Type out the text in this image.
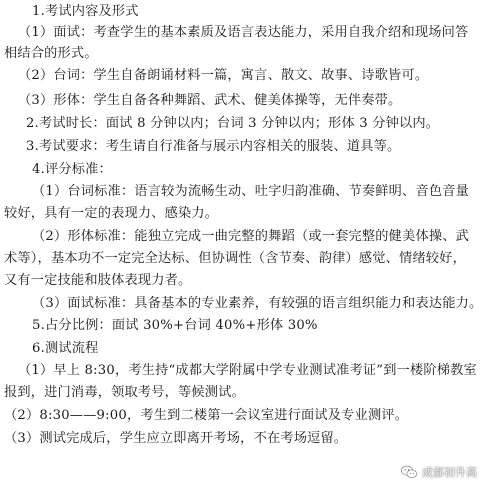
1.考试内容及形式
（1）面试：考查学生的基本素质及语言表达能力，采用自我介绍和现场问答
相结合的形式。
（2）台词：学生自备朗诵材料一篇，寓言、散文、故事、诗歌皆可。
（3）形体：学生自备各种舞蹈、武术、健美体操等，无伴奏带。
2.考试时长：面试 8 分钟以内；台词 3 分钟以内；形体 3 分钟以内。
3.考试要求：考生请自行准备与展示内容相关的服装、道具等。
4.评分标准：
（1）台词标准：语言较为流畅生动、吐字归韵准确、节奏鲜明、音色音量
较好，具有一定的表现力、感染力。
（2）形体标准：能独立完成一曲完整的舞蹈（或一套完整的健美体操、武
术等），基本功不一定完全达标、但协调性（含节奏、韵律）感觉、情绪较好，
又有一定技能和肢体表现力者。
（3）面试标准：具备基本的专业素养，有较强的语言组织能力和表达能力。
5.占分比例：面试 30%+台词 40%+形体 30%
6.测试流程
（1）早上 8:30，考生持“成都大学附属中学专业测试准考证”到一楼阶梯教室
报到，进门消毒，领取考号，等候测试。
（2）8:30——9:00，考生到二楼第一会议室进行面试及专业测评。
（3）测试完成后，学生应立即离开考场，不在考场逗留。
成都初升高
